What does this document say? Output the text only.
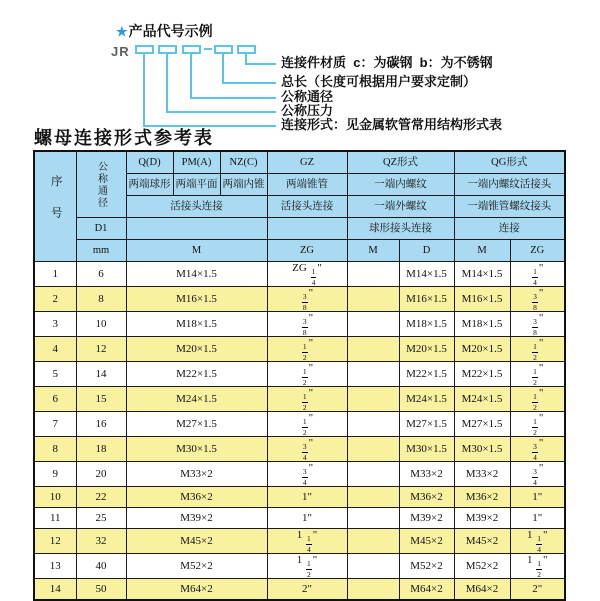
★产品代号示例
JR
连接件材质  c：为碳钢  b：为不锈钢
总长（长度可根据用户要求定制）
公称通径
公称压力
连接形式：见金属软管常用结构形式表
螺母连接形式参考表
序号	公称通径	Q(D)	PM(A)	NZ(C)	GZ	QZ形式		QG形式	
		两端球形	两端平面	两端内锥	两端锥管	一端内螺纹		一端内螺纹活接头	
		活接头连接			活接头连接	一端外螺纹		一端锥管螺纹接头	
	D1					球形接头连接		连接	
	mm	M			ZG	M	D	M	ZG
1	6	M14×1.5			ZG $\frac{1}{4}$ "		M14×1.5	M14×1.5	$\frac{1}{4}$ "
2	8	M16×1.5			$\frac{3}{8}$ "		M16×1.5	M16×1.5	$\frac{3}{8}$ "
3	10	M18×1.5			$\frac{3}{8}$ "		M18×1.5	M18×1.5	$\frac{3}{8}$ "
4	12	M20×1.5			$\frac{1}{2}$ "		M20×1.5	M20×1.5	$\frac{1}{2}$ "
5	14	M22×1.5			$\frac{1}{2}$ "		M22×1.5	M22×1.5	$\frac{1}{2}$ "
6	15	M24×1.5			$\frac{1}{2}$ "		M24×1.5	M24×1.5	$\frac{1}{2}$ "
7	16	M27×1.5			$\frac{1}{2}$ "		M27×1.5	M27×1.5	$\frac{1}{2}$ "
8	18	M30×1.5			$\frac{3}{4}$ "		M30×1.5	M30×1.5	$\frac{3}{4}$ "
9	20	M33×2			$\frac{3}{4}$ "		M33×2	M33×2	$\frac{3}{4}$ "
10	22	M36×2			1"		M36×2	M36×2	1"
11	25	M39×2			1"		M39×2	M39×2	1"
12	32	M45×2			$1 \frac{1}{4}$ "		M45×2	M45×2	$1 \frac{1}{4}$ "
13	40	M52×2			$1 \frac{1}{2}$ "		M52×2	M52×2	$1 \frac{1}{2}$ "
14	50	M64×2			2"		M64×2	M64×2	2"
